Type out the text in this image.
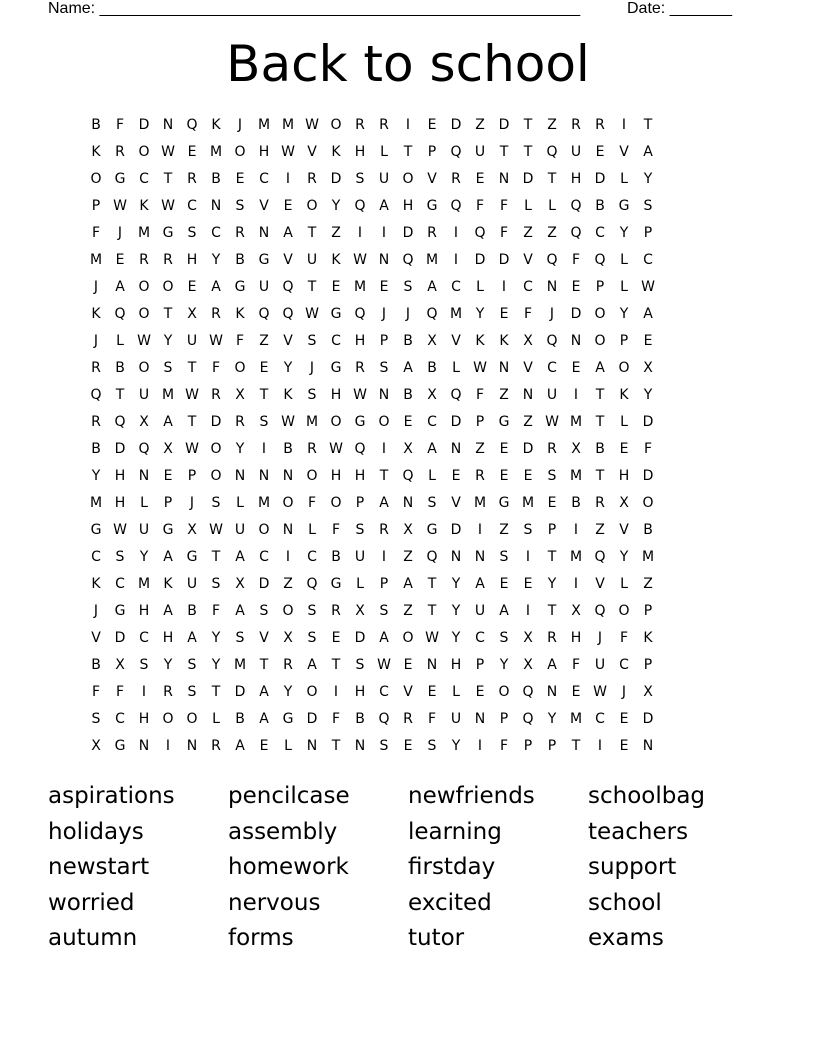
Name: ______________________________________________________	Date: _______
Back to school
B	F	D N Q K	J	M M W O R	R	I	E	D Z D	T	Z	R	R	I	T
K	R O W E M O H W V	K	H	L	T	P	Q U	T	T	Q U	E	V	A
O G C	T	R	B	E	C	I	R D	S	U O V	R	E	N D	T	H D	L	Y
P W K W C N	S	V	E	O	Y	Q A H G Q	F	F	L	L	Q B G	S
F	J	M G	S	C	R N A	T	Z	I	I	D R	I	Q	F	Z	Z Q C	Y	P
M E	R	R H	Y	B G V	U	K W N Q M	I	D D V Q	F	Q	L	C
J	A O O	E	A G U Q	T	E M E	S	A	C	L	I	C N	E	P	L W
K Q O	T	X	R	K Q Q W G Q	J	J	Q M Y	E	F	J	D O	Y	A
J	L W Y	U W F	Z	V	S	C H	P	B	X	V	K	K	X Q N O	P	E
R	B O	S	T	F	O	E	Y	J	G R	S	A	B	L W N V	C	E	A O X
Q	T	U M W R	X	T	K	S	H W N B	X Q	F	Z N U	I	T	K	Y
R Q X	A	T	D R	S W M O G O	E	C D	P	G Z W M T	L	D
B D Q X W O	Y	I	B	R W Q	I	X	A N Z	E	D R	X	B	E	F
Y	H N	E	P	O N N N O H H	T	Q	L	E	R	E	E	S M T	H D
M H	L	P	J	S	L	M O	F	O	P	A N	S	V M G M E	B	R	X O
G W U G X W U O N	L	F	S	R	X G D	I	Z	S	P	I	Z	V	B
C	S	Y	A G	T	A	C	I	C	B	U	I	Z Q N N	S	I	T M Q	Y M
K	C M K	U	S	X D Z Q G	L	P	A	T	Y	A	E	E	Y	I	V	L	Z
J	G H A	B	F	A	S	O	S	R	X	S	Z	T	Y	U	A	I	T	X Q O	P
V D C H A	Y	S	V	X	S	E	D A O W Y	C	S	X	R H	J	F	K
B	X	S	Y	S	Y M T	R	A	T	S W E	N H	P	Y	X	A	F	U C	P
F	F	I	R	S	T	D A	Y	O	I	H C	V	E	L	E	O Q N	E W	J	X
S	C H O O	L	B	A G D	F	B Q R	F	U N	P	Q	Y M C	E	D
X G N	I	N R	A	E	L	N	T	N	S	E	S	Y	I	F	P	P	T	I	E	N
aspirations	pencilcase	newfriends	schoolbag
holidays	assembly	learning	teachers
newstart	homework	firstday	support
worried	nervous	excited	school
autumn	forms	tutor	exams
